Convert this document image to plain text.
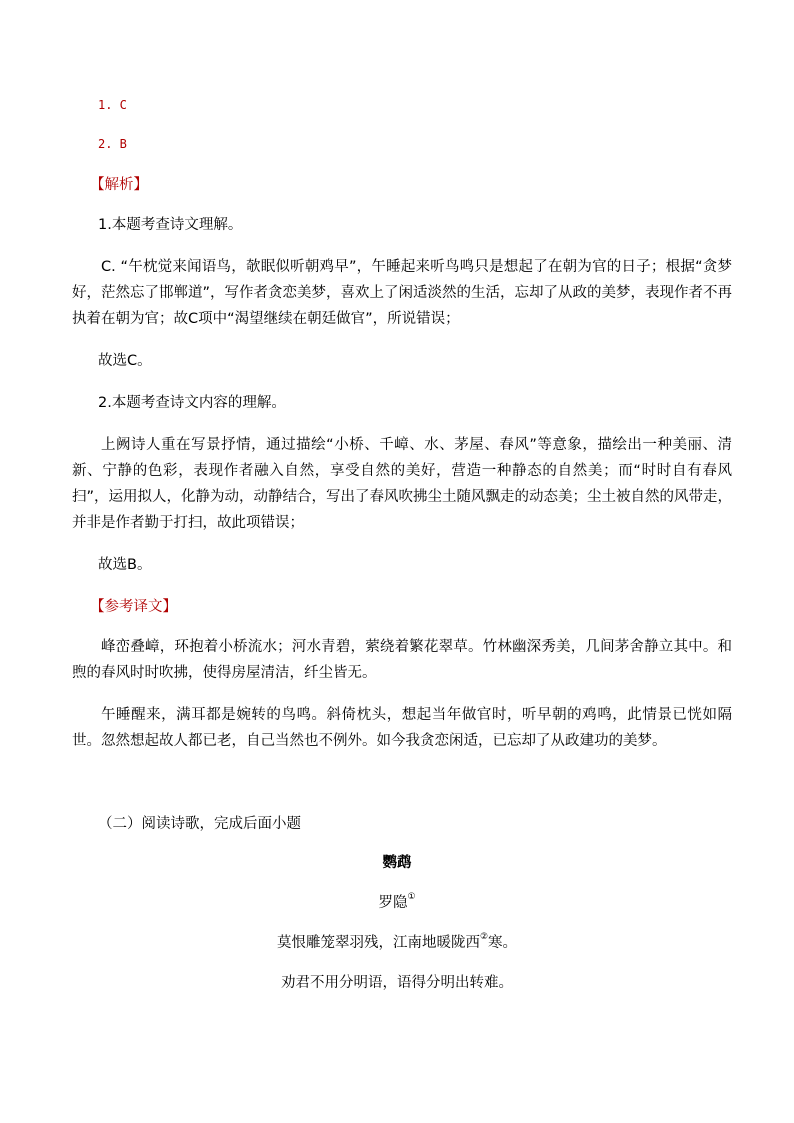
1. C
2. B
【解析】
1.本题考查诗文理解。
C. “午枕觉来闻语鸟，欹眠似听朝鸡早”，午睡起来听鸟鸣只是想起了在朝为官的日子；根据“贪梦好，茫然忘了邯郸道”，写作者贪恋美梦，喜欢上了闲适淡然的生活，忘却了从政的美梦，表现作者不再执着在朝为官；故C项中“渴望继续在朝廷做官”，所说错误；
故选C。
2.本题考查诗文内容的理解。
上阙诗人重在写景抒情，通过描绘“小桥、千嶂、水、茅屋、春风”等意象，描绘出一种美丽、清新、宁静的色彩，表现作者融入自然，享受自然的美好，营造一种静态的自然美；而“时时自有春风扫”，运用拟人，化静为动，动静结合，写出了春风吹拂尘土随风飘走的动态美；尘土被自然的风带走，并非是作者勤于打扫，故此项错误；
故选B。
【参考译文】
峰峦叠嶂，环抱着小桥流水；河水青碧，萦绕着繁花翠草。竹林幽深秀美，几间茅舍静立其中。和煦的春风时时吹拂，使得房屋清洁，纤尘皆无。
午睡醒来，满耳都是婉转的鸟鸣。斜倚枕头，想起当年做官时，听早朝的鸡鸣，此情景已恍如隔世。忽然想起故人都已老，自己当然也不例外。如今我贪恋闲适，已忘却了从政建功的美梦。
（二）阅读诗歌，完成后面小题
鹦鹉
罗隐①
莫恨雕笼翠羽残，江南地暖陇西②寒。
劝君不用分明语，语得分明出转难。
